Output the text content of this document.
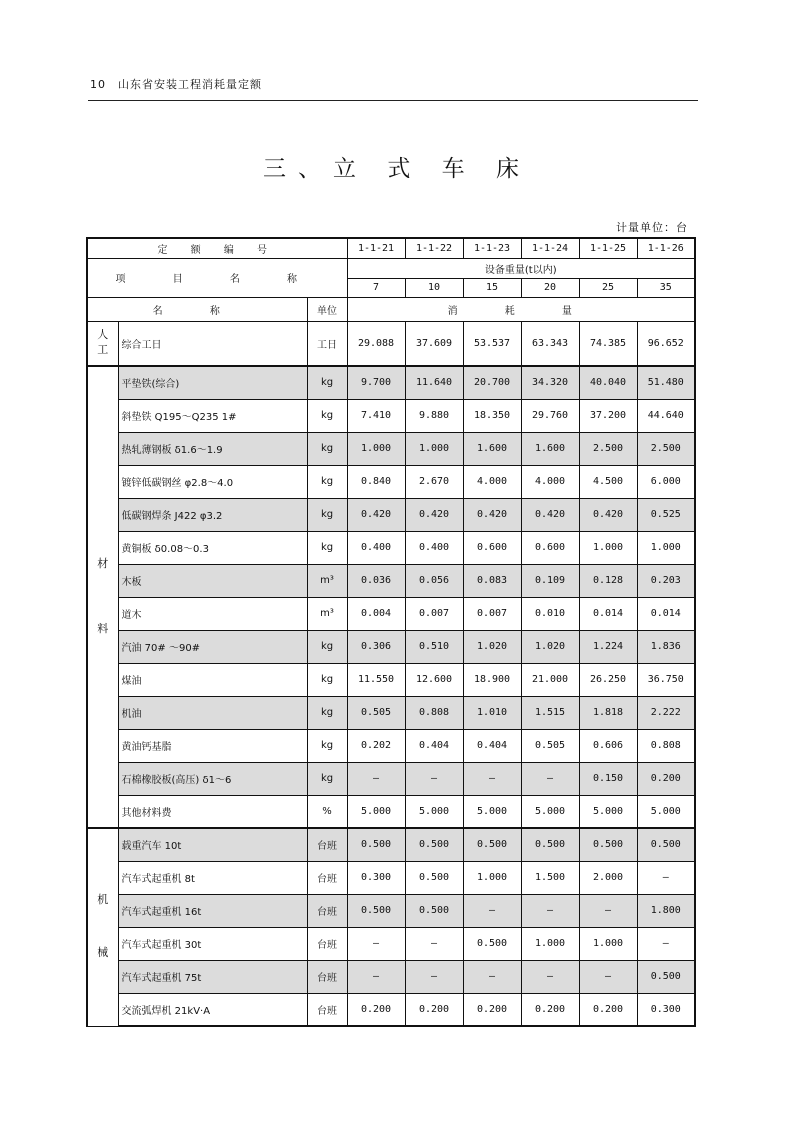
10 山东省安装工程消耗量定额
三、立 式 车 床
计量单位：台
定 额 编 号			1-1-21	1-1-22	1-1-23	1-1-24	1-1-25	1-1-26
项 目 名 称			设备重量(t以内)					
			7	10	15	20	25	35
名 称		单位	消 耗 量					

人
工	综合工日	工日	29.088	37.609	53.537	63.343	74.385	96.652

材
料	平垫铁(综合)	kg	9.700	11.640	20.700	34.320	40.040	51.480
	斜垫铁 Q195～Q235 1#	kg	7.410	9.880	18.350	29.760	37.200	44.640
	热轧薄钢板 δ1.6～1.9	kg	1.000	1.000	1.600	1.600	2.500	2.500
	镀锌低碳钢丝 φ2.8～4.0	kg	0.840	2.670	4.000	4.000	4.500	6.000
	低碳钢焊条 J422 φ3.2	kg	0.420	0.420	0.420	0.420	0.420	0.525
	黄铜板 δ0.08～0.3	kg	0.400	0.400	0.600	0.600	1.000	1.000
	木板	m³	0.036	0.056	0.083	0.109	0.128	0.203
	道木	m³	0.004	0.007	0.007	0.010	0.014	0.014
	汽油 70# ～90#	kg	0.306	0.510	1.020	1.020	1.224	1.836
	煤油	kg	11.550	12.600	18.900	21.000	26.250	36.750
	机油	kg	0.505	0.808	1.010	1.515	1.818	2.222
	黄油钙基脂	kg	0.202	0.404	0.404	0.505	0.606	0.808
	石棉橡胶板(高压) δ1～6	kg	—	—	—	—	0.150	0.200
	其他材料费	%	5.000	5.000	5.000	5.000	5.000	5.000

机
械	载重汽车 10t	台班	0.500	0.500	0.500	0.500	0.500	0.500
	汽车式起重机 8t	台班	0.300	0.500	1.000	1.500	2.000	—
	汽车式起重机 16t	台班	0.500	0.500	—	—	—	1.800
	汽车式起重机 30t	台班	—	—	0.500	1.000	1.000	—
	汽车式起重机 75t	台班	—	—	—	—	—	0.500
	交流弧焊机 21kV·A	台班	0.200	0.200	0.200	0.200	0.200	0.300
